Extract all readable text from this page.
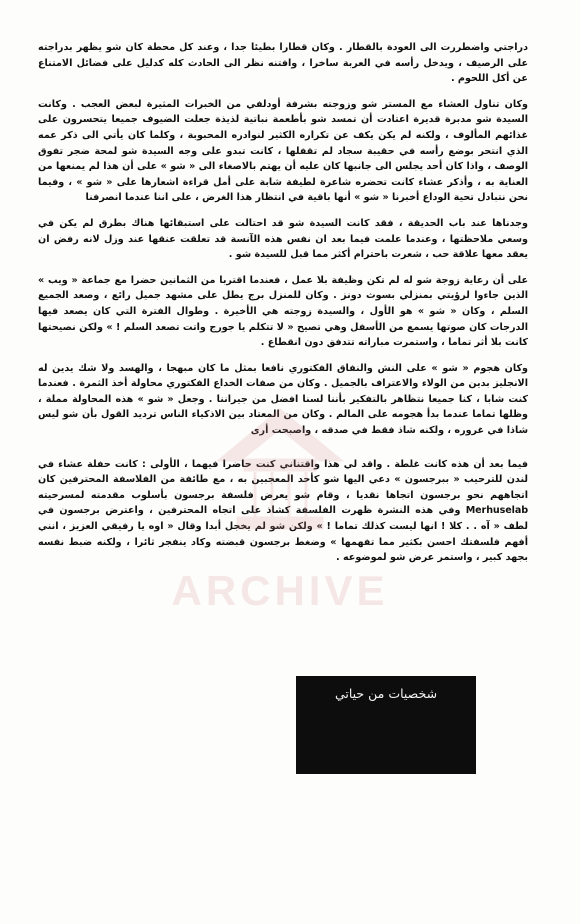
دراجتي واضطررت الى العودة بالقطار . وكان قطارا بطيئا جدا ، وعند كل محطة كان شو يظهر بدراجته على الرصيف ، ويدخل رأسه في العربة ساخرا ، وافتنه نظر الى الحادث كله كدليل على فضائل الامتناع عن أكل اللحوم .

وكان تناول العشاء مع المستر شو وزوجته بشرفة أودلفي من الخبرات المثيرة لبعض العجب . وكانت السيدة شو مدبرة قديرة اعتادت أن تمسد شو بأطعمة نباتية لذيذة جعلت الضيوف جميعا يتحسرون على غذائهم المألوف ، ولكنه لم يكن يكف عن تكراره الكثير لنوادره المحبوبة ، وكلما كان يأتي الى ذكر عمه الذي انتحر بوضع رأسه في حقيبة سجاد لم تقفلها ، كانت تبدو على وجه السيدة شو لمحة ضجر تفوق الوصف ، واذا كان أحد يجلس الى جانبها كان عليه أن يهتم بالاصغاء الى « شو » على أن هذا لم يمنعها من العناية به ، وأذكر عشاء كانت تحضره شاعرة لطيفة شابة على أمل قراءة اشعارها على « شو » ، وفيما نحن نتبادل تحية الوداع أخبرنا « شو » أنها باقية في انتظار هذا الغرض ، على اننا عندما انصرفنا

وجدناها عند باب الحديقة ، فقد كانت السيدة شو قد احتالت على استبقائها هناك بطرق لم يكن في وسعي ملاحظتها ، وعندما علمت فيما بعد ان نفس هذه الآنسة قد تعلقت عنقها عند وزل لانه رفض ان يعقد معها علاقة حب ، شعرت باحترام أكثر مما قبل للسيدة شو .

على أن رعاية زوجة شو له لم تكن وظيفة بلا عمل ، فعندما اقتربا من الثمانين حضرا مع جماعة « ويب » الذين جاءوا لرؤيتي بمنزلي بسوث دونز . وكان للمنزل برج يطل على مشهد جميل رائع ، وصعد الجميع السلم ، وكان « شو » هو الأول ، والسيدة زوجته هي الأخيرة . وطوال الفترة التي كان يصعد فيها الدرجات كان صوتها يسمع من الأسفل وهي تصيح « لا تتكلم يا جورج واتت تصعد السلم ! » ولكن نصيحتها كانت بلا أثر تماما ، واستمرت مباراته تتدفق دون انقطاع .

وكان هجوم « شو » على النش والنفاق الفكتوري نافعا بمثل ما كان مبهجا ، والهسد ولا شك يدين له الانجليز بدين من الولاء والاعتراف بالجميل . وكان من صفات الخداع الفكتوري محاولة أخذ الثمرة . فعندما كنت شابا ، كنا جميعا نتظاهر بالتفكير بأننا لسنا افضل من جيراننا . وجعل « شو » هذه المحاولة مملة ، وظلها تماما عندما بدأ هجومه على المالم . وكان من المعتاد بين الاذكياء الناس ترديد القول بأن شو ليس شاذا في غروره ، ولكنه شاذ فقط في صدقه ، واصبحت أرى

فيما بعد أن هذه كانت غلطة . واقد لي هذا واقتناني كنت حاضرا فيهما ، الأولى : كانت حفلة عشاء في لندن للترحيب « ببرجسون » دعي اليها شو كأحد المعجبين به ، مع طائفة من الفلاسفة المحترفين كان اتجاههم نحو برجسون اتجاها نقديا ، وقام شو يعرض فلسفة برجسون بأسلوب مقدمته لمسرحيته Merhuselab وفي هذه النشرة ظهرت الفلسفة كشاذ على اتجاه المحترفين ، واعترض برجسون في لطف « آه . . كلا ! انها ليست كذلك تماما ! » ولكن شو لم يخجل أبدا وقال « اوه يا رفيقي العزيز ، انني أفهم فلسفتك احسن بكثير مما تفهمها » وضغط برجسون قبضته وكاد ينفجر ثائرا ، ولكنه ضبط نفسه بجهد كبير ، واستمر عرض شو لموضوعه .

ARCHIVE
شخصيات من حياتي
